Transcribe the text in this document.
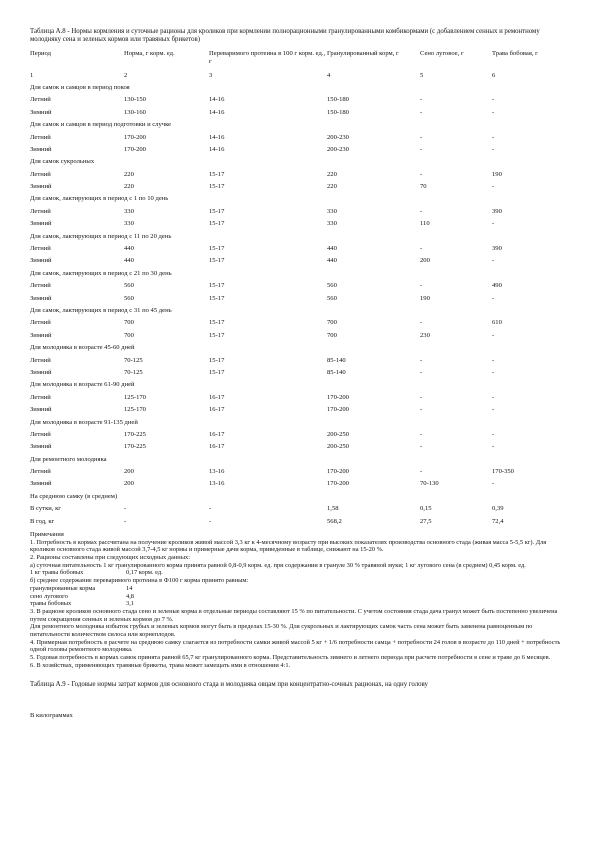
Таблица А.8 - Нормы кормления и суточные рационы для кроликов при кормлении полнорационными гранулированными комбикормами (с добавлением сенных и ремонтному молодняку сена и зеленых кормов или травяных брикетов)

Период	Норма, г корм. ед.	Переваримого протеина в 100 г корм. ед., г	Гранулированный корм, г	Сено луговое, г	Трава бобовая, г
1	2	3	4	5	6
Для самок и самцов в период покоя					
Летний	130-150	14-16	150-180	-	-
Зимний	130-160	14-16	150-180	-	-
Для самок и самцов в период подготовки и случке					
Летний	170-200	14-16	200-230	-	-
Зимний	170-200	14-16	200-230	-	-
Для самок сукрольных					
Летний	220	15-17	220	-	190
Зимний	220	15-17	220	70	-
Для самок, лактирующих в период с 1 по 10 день					
Летний	330	15-17	330	-	390
Зимний	330	15-17	330	110	-
Для самок, лактирующих в период с 11 по 20 день					
Летний	440	15-17	440	-	390
Зимний	440	15-17	440	200	-
Для самок, лактирующих в период с 21 по 30 день					
Летний	560	15-17	560	-	490
Зимний	560	15-17	560	190	-
Для самок, лактирующих в период с 31 по 45 день					
Летний	700	15-17	700	-	610
Зимний	700	15-17	700	230	-
Для молодняка в возрасте 45-60 дней					
Летний	70-125	15-17	85-140	-	-
Зимний	70-125	15-17	85-140	-	-
Для молодняка в возрасте 61-90 дней					
Летний	125-170	16-17	170-200	-	-
Зимний	125-170	16-17	170-200	-	-
Для молодняка в возрасте 91-135 дней					
Летний	170-225	16-17	200-250	-	-
Зимний	170-225	16-17	200-250	-	-
Для ремонтного молодняка					
Летний	200	13-16	170-200	-	170-350
Зимний	200	13-16	170-200	70-130	-
На среднюю самку (в среднем)					
В сутки, кг	-	-	1,58	0,15	0,39
В год, кг	-	-	568,2	27,5	72,4

Примечания

1. Потребность в кормах рассчитана на получение кроликов живой массой 3,3 кг к 4-месячному возрасту при высоких показателях производства основного стада (живая масса 5-5,5 кг). Для кроликов основного стада живой массой 3,7-4,5 кг нормы и примерные дачи корма, приведенные в таблице, снижают на 15-20 %.

2. Рационы составлены при следующих исходных данных:

а) суточная питательность 1 кг гранулированного корма принята равной 0,8-0,9 корм. ед. при содержании в грануле 30 % травяной муки; 1 кг лугового сена (в среднем) 0,45 корм. ед.

1 кг травы бобовых	0,17 корм. ед.

б) среднее содержание переваримого протеина в Ф100 г корма принято равным:

гранулированные корма	14
сено лугового	4,8
травы бобовых	3,1

3. В рационе кроликов основного стада сено и зеленые корма в отдельные периоды составляют 15 % по питательности. С учетом состояния стада дача гранул может быть постепенно увеличена путем сокращения сенных и зеленых кормов до 7 %.

Для ремонтного молодняка избыток грубых и зеленых кормов могут быть в пределах 15-30 %. Для сукрольных и лактирующих самок часть сена может быть заменена равноценным по питательности количеством силоса или корнеплодов.

4. Примерная потребность в расчете на среднюю самку слагается из потребности самки живой массой 5 кг + 1/6 потребности самца + потребности 24 голов в возрасте до 110 дней + потребность одной головы ремонтного молодняка.

5. Годовая потребность в кормах самок принята равной 65,7 кг гранулированного корма. Представительность зимнего и летнего периода при расчете потребности в сене и траве до 6 месяцев.

6. В хозяйствах, применяющих травяные брикеты, трава может замещать ими в отношении 4:1.

Таблица А.9 - Годовые нормы затрат кормов для основного стада и молодняка овцам при концентратно-сочных рационах, на одну голову

В килограммах
